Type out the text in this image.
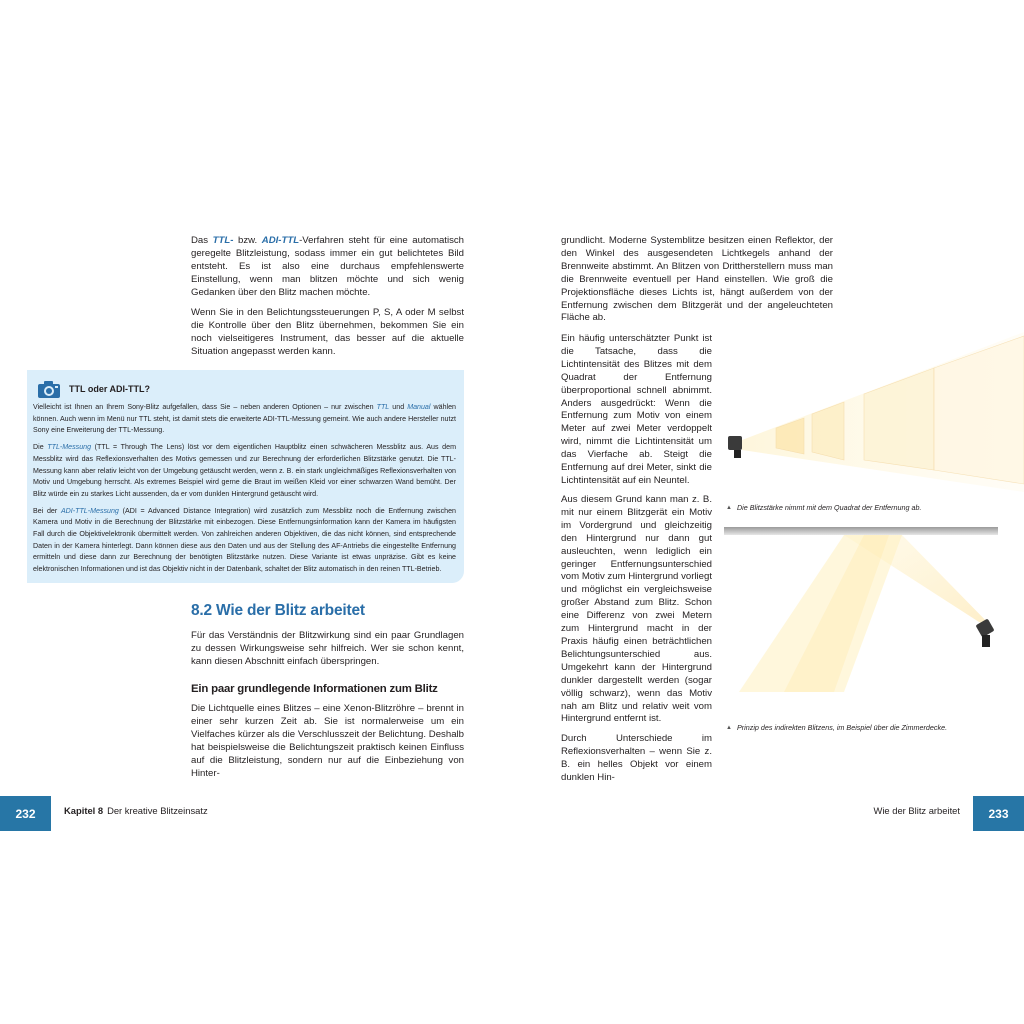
Das TTL- bzw. ADI-TTL-Verfahren steht für eine automatisch geregelte Blitzleistung, sodass immer ein gut belichtetes Bild entsteht. Es ist also eine durchaus empfehlenswerte Einstellung, wenn man blitzen möchte und sich wenig Gedanken über den Blitz machen möchte.

Wenn Sie in den Belichtungssteuerungen P, S, A oder M selbst die Kontrolle über den Blitz übernehmen, bekommen Sie ein noch vielseitigeres Instrument, das besser auf die aktuelle Situation angepasst werden kann.

TTL oder ADI-TTL?

Vielleicht ist Ihnen an Ihrem Sony-Blitz aufgefallen, dass Sie – neben anderen Optionen – nur zwischen TTL und Manual wählen können. Auch wenn im Menü nur TTL steht, ist damit stets die erweiterte ADI-TTL-Messung gemeint. Wie auch andere Hersteller nutzt Sony eine Erweiterung der TTL-Messung.

Die TTL-Messung (TTL = Through The Lens) löst vor dem eigentlichen Hauptblitz einen schwächeren Messblitz aus. Aus dem Messblitz wird das Reflexionsverhalten des Motivs gemessen und zur Berechnung der erforderlichen Blitzstärke genutzt. Die TTL-Messung kann aber relativ leicht von der Umgebung getäuscht werden, wenn z. B. ein stark ungleichmäßiges Reflexionsverhalten von Motiv und Umgebung herrscht. Als extremes Beispiel wird gerne die Braut im weißen Kleid vor einer schwarzen Wand bemüht. Der Blitz würde ein zu starkes Licht aussenden, da er vom dunklen Hintergrund getäuscht wird.

Bei der ADI-TTL-Messung (ADI = Advanced Distance Integration) wird zusätzlich zum Messblitz noch die Entfernung zwischen Kamera und Motiv in die Berechnung der Blitzstärke mit einbezogen. Diese Entfernungsinformation kann der Kamera im häufigsten Fall durch die Objektivelektronik übermittelt werden. Von zahlreichen anderen Objektiven, die das nicht können, sind entsprechende Daten in der Kamera hinterlegt. Dann können diese aus den Daten und aus der Stellung des AF-Antriebs die eingestellte Entfernung ermitteln und diese dann zur Berechnung der benötigten Blitzstärke nutzen. Diese Variante ist etwas unpräzise. Gibt es keine elektronischen Informationen und ist das Objektiv nicht in der Datenbank, schaltet der Blitz automatisch in den reinen TTL-Betrieb.

8.2 Wie der Blitz arbeitet

Für das Verständnis der Blitzwirkung sind ein paar Grundlagen zu dessen Wirkungsweise sehr hilfreich. Wer sie schon kennt, kann diesen Abschnitt einfach überspringen.

Ein paar grundlegende Informationen zum Blitz

Die Lichtquelle eines Blitzes – eine Xenon-Blitzröhre – brennt in einer sehr kurzen Zeit ab. Sie ist normalerweise um ein Vielfaches kürzer als die Verschlusszeit der Belichtung. Deshalb hat beispielsweise die Belichtungszeit praktisch keinen Einfluss auf die Blitzleistung, sondern nur auf die Einbeziehung von Hinter-

grundlicht. Moderne Systemblitze besitzen einen Reflektor, der den Winkel des ausgesendeten Lichtkegels anhand der Brennweite abstimmt. An Blitzen von Drittherstellern muss man die Brennweite eventuell per Hand einstellen. Wie groß die Projektionsfläche dieses Lichts ist, hängt außerdem von der Entfernung zwischen dem Blitzgerät und der angeleuchteten Fläche ab.

Ein häufig unterschätzter Punkt ist die Tatsache, dass die Lichtintensität des Blitzes mit dem Quadrat der Entfernung überproportional schnell abnimmt. Anders ausgedrückt: Wenn die Entfernung zum Motiv von einem Meter auf zwei Meter verdoppelt wird, nimmt die Lichtintensität um das Vierfache ab. Steigt die Entfernung auf drei Meter, sinkt die Lichtintensität auf ein Neuntel.

Aus diesem Grund kann man z. B. mit nur einem Blitzgerät ein Motiv im Vordergrund und gleichzeitig den Hintergrund nur dann gut ausleuchten, wenn lediglich ein geringer Entfernungsunterschied vom Motiv zum Hintergrund vorliegt und möglichst ein vergleichsweise großer Abstand zum Blitz. Schon eine Differenz von zwei Metern zum Hintergrund macht in der Praxis häufig einen beträchtlichen Belichtungsunterschied aus. Umgekehrt kann der Hintergrund dunkler dargestellt werden (sogar völlig schwarz), wenn das Motiv nah am Blitz und relativ weit vom Hintergrund entfernt ist.

Durch Unterschiede im Reflexionsverhalten – wenn Sie z. B. ein helles Objekt vor einem dunklen Hin-

▲ Die Blitzstärke nimmt mit dem Quadrat der Entfernung ab.
▲ Prinzip des indirekten Blitzens, im Beispiel über die Zimmerdecke.
232	Kapitel 8 Der kreative Blitzeinsatz	Wie der Blitz arbeitet	233
